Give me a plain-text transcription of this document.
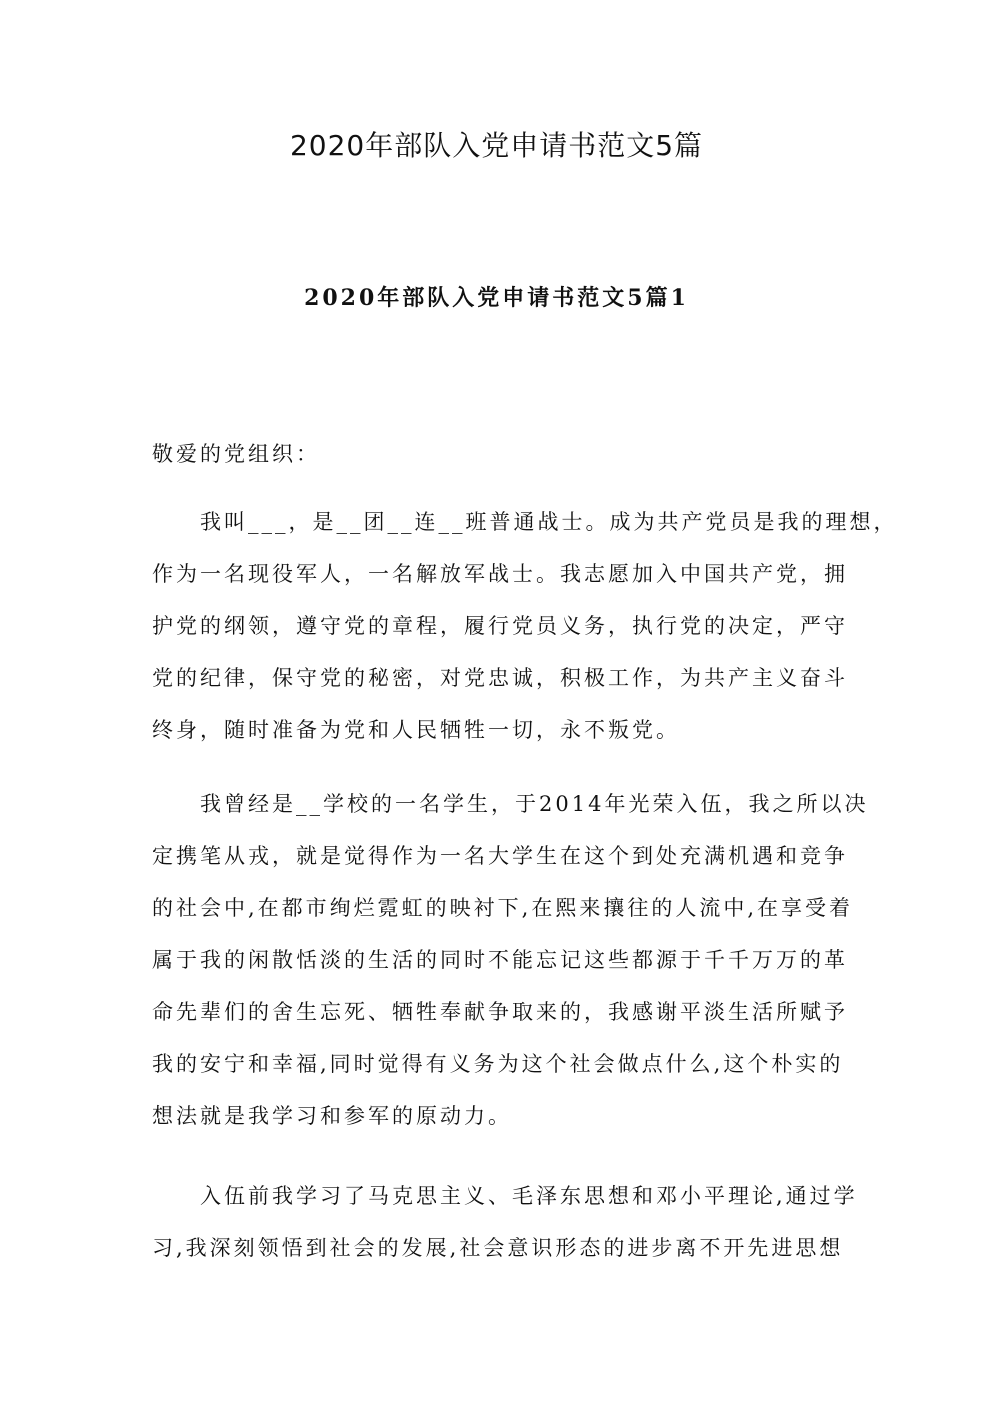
2020年部队入党申请书范文5篇
2020年部队入党申请书范文5篇1

敬爱的党组织：

我叫___，是__团__连__班普通战士。成为共产党员是我的理想，
作为一名现役军人，一名解放军战士。我志愿加入中国共产党，拥
护党的纲领，遵守党的章程，履行党员义务，执行党的决定，严守
党的纪律，保守党的秘密，对党忠诚，积极工作，为共产主义奋斗
终身，随时准备为党和人民牺牲一切，永不叛党。

我曾经是__学校的一名学生，于2014年光荣入伍，我之所以决
定携笔从戎，就是觉得作为一名大学生在这个到处充满机遇和竞争
的社会中,在都市绚烂霓虹的映衬下,在熙来攘往的人流中,在享受着
属于我的闲散恬淡的生活的同时不能忘记这些都源于千千万万的革
命先辈们的舍生忘死、牺牲奉献争取来的，我感谢平淡生活所赋予
我的安宁和幸福,同时觉得有义务为这个社会做点什么,这个朴实的
想法就是我学习和参军的原动力。

入伍前我学习了马克思主义、毛泽东思想和邓小平理论,通过学
习,我深刻领悟到社会的发展,社会意识形态的进步离不开先进思想
